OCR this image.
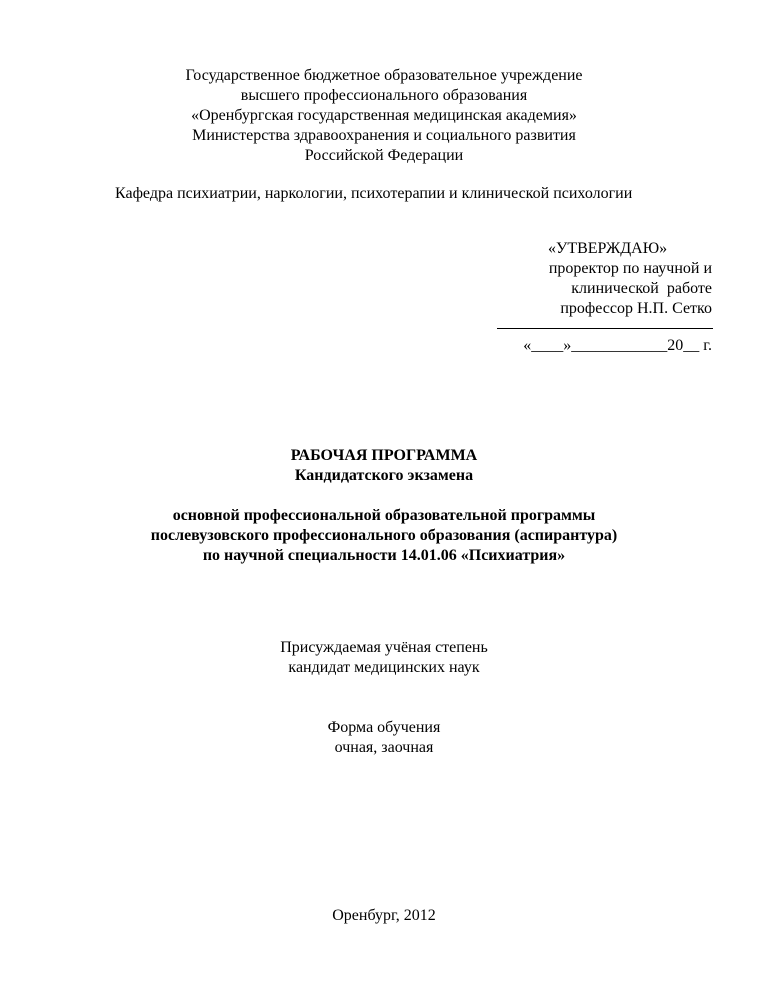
Государственное бюджетное образовательное учреждение
высшего профессионального образования
«Оренбургская государственная медицинская академия»
Министерства здравоохранения и социального развития
Российской Федерации
Кафедра психиатрии, наркологии, психотерапии и клинической психологии
«УТВЕРЖДАЮ»
проректор по научной и
клинической  работе
профессор Н.П. Сетко
«____»____________20__ г.
РАБОЧАЯ ПРОГРАММА
Кандидатского экзамена
основной профессиональной образовательной программы
послевузовского профессионального образования (аспирантура)
по научной специальности 14.01.06 «Психиатрия»
Присуждаемая учёная степень
кандидат медицинских наук
Форма обучения
очная, заочная
Оренбург, 2012
